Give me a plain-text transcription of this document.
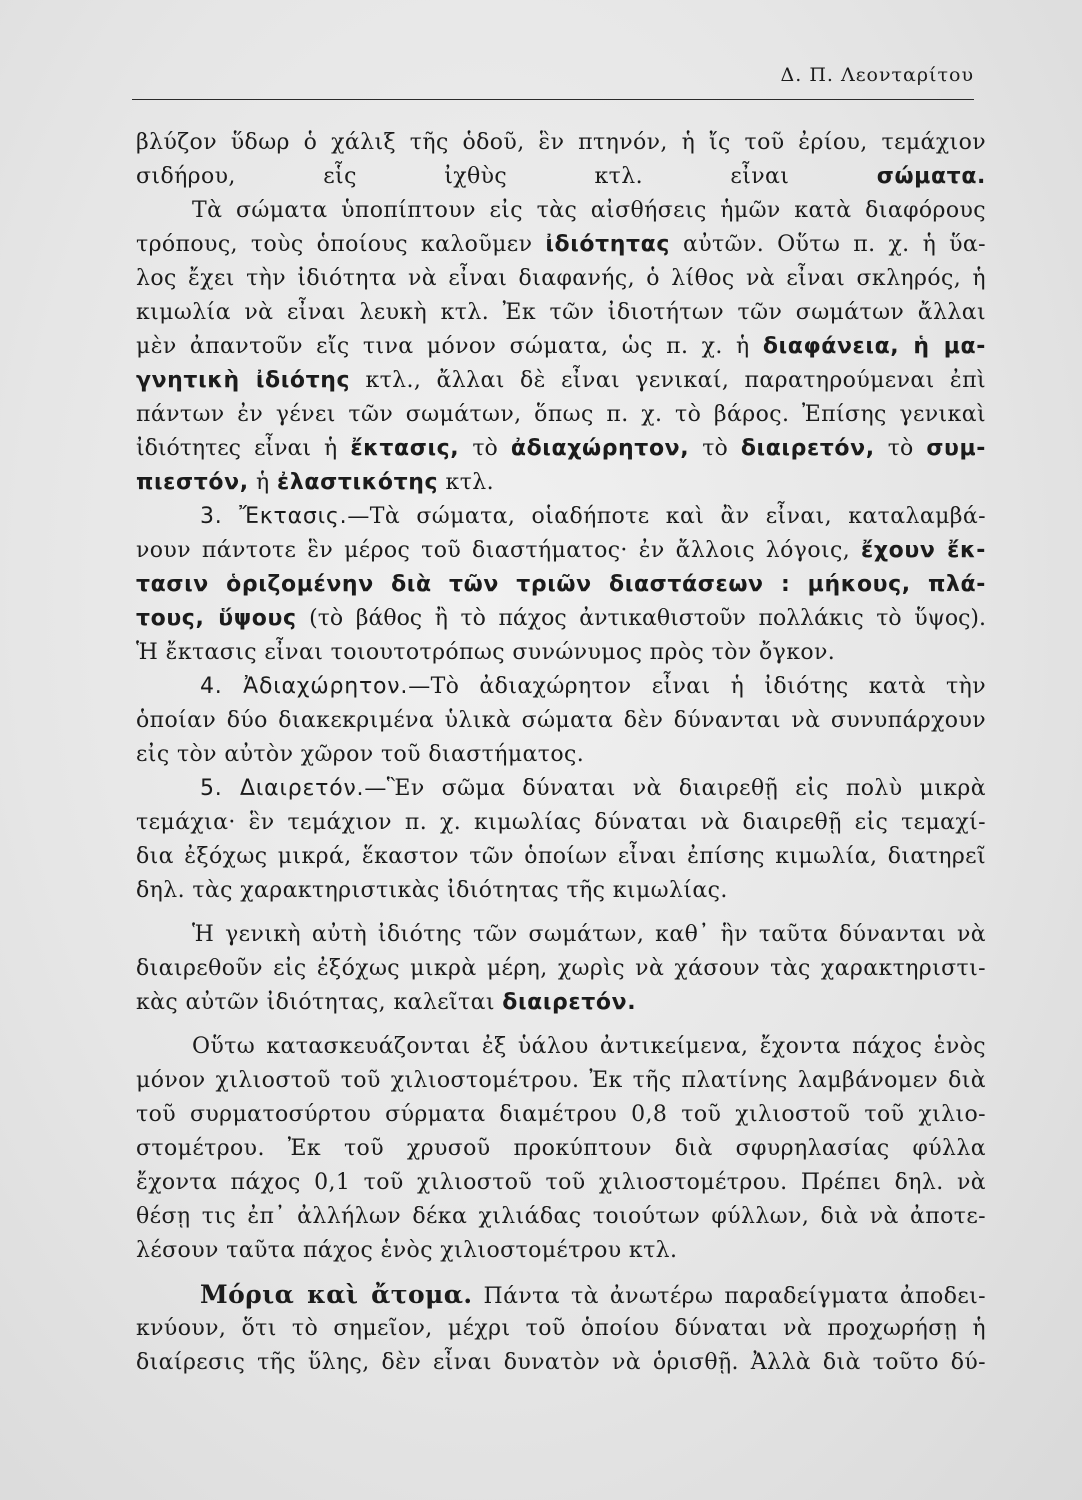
Δ. Π. Λεονταρίτου
βλύζον ὕδωρ ὁ χάλιξ τῆς ὁδοῦ, ἓν πτηνόν, ἡ ἴς τοῦ ἐρίου, τεμάχιον
σιδήρου, εἷς ἰχθὺς κτλ. εἶναι σώματα.
Τὰ σώματα ὑποπίπτουν εἰς τὰς αἰσθήσεις ἡμῶν κατὰ διαφόρους
τρόπους, τοὺς ὁποίους καλοῦμεν ἰδιότητας αὐτῶν. Οὕτω π. χ. ἡ ὕα-
λος ἔχει τὴν ἰδιότητα νὰ εἶναι διαφανής, ὁ λίθος νὰ εἶναι σκληρός, ἡ
κιμωλία νὰ εἶναι λευκὴ κτλ. Ἐκ τῶν ἰδιοτήτων τῶν σωμάτων ἄλλαι
μὲν ἀπαντοῦν εἴς τινα μόνον σώματα, ὡς π. χ. ἡ διαφάνεια, ἡ μα-
γνητικὴ ἰδιότης κτλ., ἄλλαι δὲ εἶναι γενικαί, παρατηρούμεναι ἐπὶ
πάντων ἐν γένει τῶν σωμάτων, ὅπως π. χ. τὸ βάρος. Ἐπίσης γενικαὶ
ἰδιότητες εἶναι ἡ ἔκτασις, τὸ ἀδιαχώρητον, τὸ διαιρετόν, τὸ συμ-
πιεστόν, ἡ ἐλαστικότης κτλ.
3. Ἔκτασις.—Τὰ σώματα, οἱαδήποτε καὶ ἂν εἶναι, καταλαμβά-
νουν πάντοτε ἓν μέρος τοῦ διαστήματος· ἐν ἄλλοις λόγοις, ἔχουν ἔκ-
τασιν ὁριζομένην διὰ τῶν τριῶν διαστάσεων : μήκους, πλά-
τους, ὕψους (τὸ βάθος ἢ τὸ πάχος ἀντικαθιστοῦν πολλάκις τὸ ὕψος).
Ἡ ἔκτασις εἶναι τοιουτοτρόπως συνώνυμος πρὸς τὸν ὄγκον.
4. Ἀδιαχώρητον.—Τὸ ἀδιαχώρητον εἶναι ἡ ἰδιότης κατὰ τὴν
ὁποίαν δύο διακεκριμένα ὑλικὰ σώματα δὲν δύνανται νὰ συνυπάρχουν
εἰς τὸν αὐτὸν χῶρον τοῦ διαστήματος.
5. Διαιρετόν.—Ἓν σῶμα δύναται νὰ διαιρεθῇ εἰς πολὺ μικρὰ
τεμάχια· ἓν τεμάχιον π. χ. κιμωλίας δύναται νὰ διαιρεθῇ εἰς τεμαχί-
δια ἐξόχως μικρά, ἕκαστον τῶν ὁποίων εἶναι ἐπίσης κιμωλία, διατηρεῖ
δηλ. τὰς χαρακτηριστικὰς ἰδιότητας τῆς κιμωλίας.
Ἡ γενικὴ αὐτὴ ἰδιότης τῶν σωμάτων, καθ᾽ ἣν ταῦτα δύνανται νὰ
διαιρεθοῦν εἰς ἐξόχως μικρὰ μέρη, χωρὶς νὰ χάσουν τὰς χαρακτηριστι-
κὰς αὐτῶν ἰδιότητας, καλεῖται διαιρετόν.
Οὕτω κατασκευάζονται ἐξ ὑάλου ἀντικείμενα, ἔχοντα πάχος ἑνὸς
μόνον χιλιοστοῦ τοῦ χιλιοστομέτρου. Ἐκ τῆς πλατίνης λαμβάνομεν διὰ
τοῦ συρματοσύρτου σύρματα διαμέτρου 0,8 τοῦ χιλιοστοῦ τοῦ χιλιο-
στομέτρου. Ἐκ τοῦ χρυσοῦ προκύπτουν διὰ σφυρηλασίας φύλλα
ἔχοντα πάχος 0,1 τοῦ χιλιοστοῦ τοῦ χιλιοστομέτρου. Πρέπει δηλ. νὰ
θέσῃ τις ἐπ᾽ ἀλλήλων δέκα χιλιάδας τοιούτων φύλλων, διὰ νὰ ἀποτε-
λέσουν ταῦτα πάχος ἑνὸς χιλιοστομέτρου κτλ.
Μόρια καὶ ἄτομα. Πάντα τὰ ἀνωτέρω παραδείγματα ἀποδει-
κνύουν, ὅτι τὸ σημεῖον, μέχρι τοῦ ὁποίου δύναται νὰ προχωρήσῃ ἡ
διαίρεσις τῆς ὕλης, δὲν εἶναι δυνατὸν νὰ ὁρισθῇ. Ἀλλὰ διὰ τοῦτο δύ-
